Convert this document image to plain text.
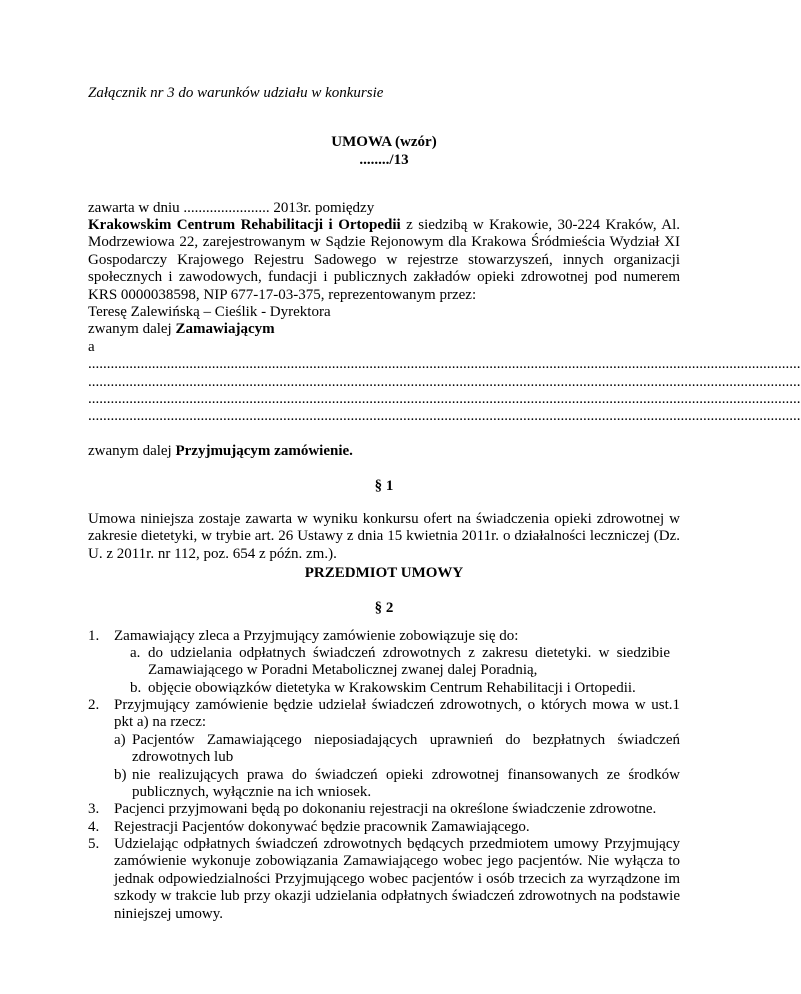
Załącznik nr 3 do warunków udziału w konkursie
UMOWA (wzór)
......../13
zawarta w dniu ....................... 2013r. pomiędzy
Krakowskim Centrum Rehabilitacji i Ortopedii z siedzibą w Krakowie, 30-224 Kraków, Al. Modrzewiowa 22, zarejestrowanym w Sądzie Rejonowym dla Krakowa Śródmieścia Wydział XI Gospodarczy Krajowego Rejestru Sadowego w rejestrze stowarzyszeń, innych organizacji społecznych i zawodowych, fundacji i publicznych zakładów opieki zdrowotnej pod numerem KRS 0000038598, NIP 677-17-03-375, reprezentowanym przez:
Teresę Zalewińską – Cieślik - Dyrektora
zwanym dalej Zamawiającym
a
..............................................................................................................................................................................................
..............................................................................................................................................................................................
..............................................................................................................................................................................................
..............................................................................................................................................................................................
zwanym dalej Przyjmującym zamówienie.
§ 1
Umowa niniejsza zostaje zawarta w wyniku konkursu ofert na świadczenia opieki zdrowotnej w zakresie dietetyki, w trybie art. 26 Ustawy z dnia 15 kwietnia 2011r. o działalności leczniczej (Dz. U. z 2011r. nr 112, poz. 654 z późn. zm.).
PRZEDMIOT UMOWY
§ 2
1. Zamawiający zleca a Przyjmujący zamówienie zobowiązuje się do:
a. do udzielania odpłatnych świadczeń zdrowotnych z zakresu dietetyki. w siedzibie Zamawiającego w Poradni Metabolicznej zwanej dalej Poradnią,
b. objęcie obowiązków dietetyka w Krakowskim Centrum Rehabilitacji i Ortopedii.
2. Przyjmujący zamówienie będzie udzielał świadczeń zdrowotnych, o których mowa w ust.1 pkt a) na rzecz:
a) Pacjentów Zamawiającego nieposiadających uprawnień do bezpłatnych świadczeń zdrowotnych lub
b) nie realizujących prawa do świadczeń opieki zdrowotnej finansowanych ze środków publicznych, wyłącznie na ich wniosek.
3. Pacjenci przyjmowani będą po dokonaniu rejestracji na określone świadczenie zdrowotne.
4. Rejestracji Pacjentów dokonywać będzie pracownik Zamawiającego.
5. Udzielając odpłatnych świadczeń zdrowotnych będących przedmiotem umowy Przyjmujący zamówienie wykonuje zobowiązania Zamawiającego wobec jego pacjentów. Nie wyłącza to jednak odpowiedzialności Przyjmującego wobec pacjentów i osób trzecich za wyrządzone im szkody w trakcie lub przy okazji udzielania odpłatnych świadczeń zdrowotnych na podstawie niniejszej umowy.
